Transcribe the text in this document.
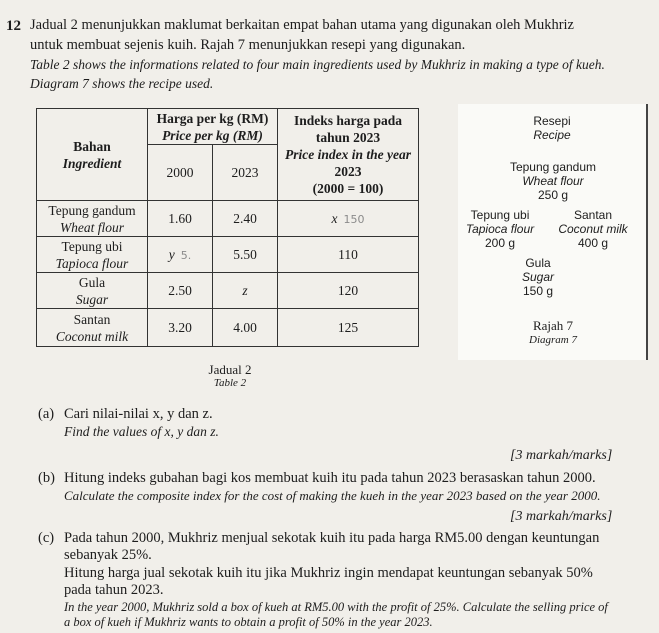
12 Jadual 2 menunjukkan maklumat berkaitan empat bahan utama yang digunakan oleh Mukhriz
untuk membuat sejenis kuih. Rajah 7 menunjukkan resepi yang digunakan.
Table 2 shows the informations related to four main ingredients used by Mukhriz in making a type of kueh.
Diagram 7 shows the recipe used.
Bahan
Ingredient	Harga per kg (RM)
Price per kg (RM)		Indeks harga pada
tahun 2023
Price index in the year
2023
(2000 = 100)
	2000	2023	
Tepung gandum
Wheat flour	1.60	2.40	x 150
Tepung ubi
Tapioca flour	y 5.	5.50	110
Gula
Sugar	2.50	z	120
Santan
Coconut milk	3.20	4.00	125
Jadual 2
Table 2
Resepi
Recipe
Tepung gandum
Wheat flour
250 g
Tepung ubi
Tapioca flour
200 g
Santan
Coconut milk
400 g
Gula
Sugar
150 g
Rajah 7
Diagram 7
(a) Cari nilai-nilai x, y dan z.
Find the values of x, y dan z.
[3 markah/marks]
(b) Hitung indeks gubahan bagi kos membuat kuih itu pada tahun 2023 berasaskan tahun 2000.
Calculate the composite index for the cost of making the kueh in the year 2023 based on the year 2000.
[3 markah/marks]
(c) Pada tahun 2000, Mukhriz menjual sekotak kuih itu pada harga RM5.00 dengan keuntungan
sebanyak 25%.
Hitung harga jual sekotak kuih itu jika Mukhriz ingin mendapat keuntungan sebanyak 50%
pada tahun 2023.
In the year 2000, Mukhriz sold a box of kueh at RM5.00 with the profit of 25%. Calculate the selling price of
a box of kueh if Mukhriz wants to obtain a profit of 50% in the year 2023.
